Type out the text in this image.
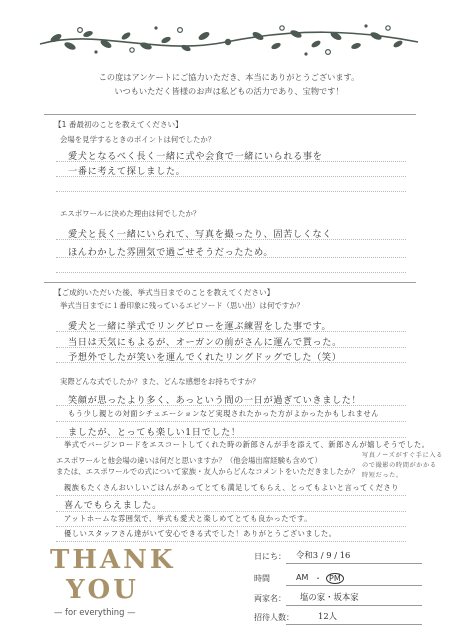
この度はアンケートにご協力いただき、本当にありがとうございます。
いつもいただく皆様のお声は私どもの活力であり、宝物です！
【1 番最初のことを教えてください】
会場を見学するときのポイントは何でしたか？
愛犬となるべく長く一緒に式や会食で一緒にいられる事を
一番に考えて探しました。
エスポワールに決めた理由は何でしたか？
愛犬と長く一緒にいられて、写真を撮ったり、固苦しくなく
ほんわかした雰囲気で過ごせそうだったため。
【ご成約いただいた後、挙式当日までのことを教えてください】
挙式当日までに１番印象に残っているエピソード（思い出）は何ですか？
愛犬と一緒に挙式でリングピローを運ぶ練習をした事です。
当日は天気にもよるが、オーガンの前がさんに運んで貰った。
予想外でしたが笑いを運んでくれたリングドッグでした（笑）
実際どんな式でしたか？また、どんな感想をお持ちですか？
笑顔が思ったより多く、あっという間の一日が過ぎていきました！
もう少し親との対面シチュエーションなど実現されたかった方がよかったかもしれません
ましたが、とっても楽しい1日でした！
挙式でバージンロードをエスコートしてくれた時の新郎さんが手を添えて、新郎さんが嬉しそうでした。
エスポワールと他会場の違いは何だと思いますか？（他会場出席経験も含めて）
または、エスポワールでの式について家族・友人からどんなコメントをいただきましたか？
写真ノーズがすぐ手に入る
ので撮影の時間がかかる
時短だった。
親族もたくさんおいしいごはんがあってとても満足してもらえ、とってもよいと言ってくださり
喜んでもらえました。
アットホームな雰囲気で、挙式も愛犬と楽しめてとても良かったです。
優しいスタッフさん達がいて安心できる式でした！ありがとうございました。
THANK
YOU
— for everything —
日にち： 令和3 / 9 / 16
時間	AM ・ PM
両家名： 塩の家・坂本家
招待人数：	12人
